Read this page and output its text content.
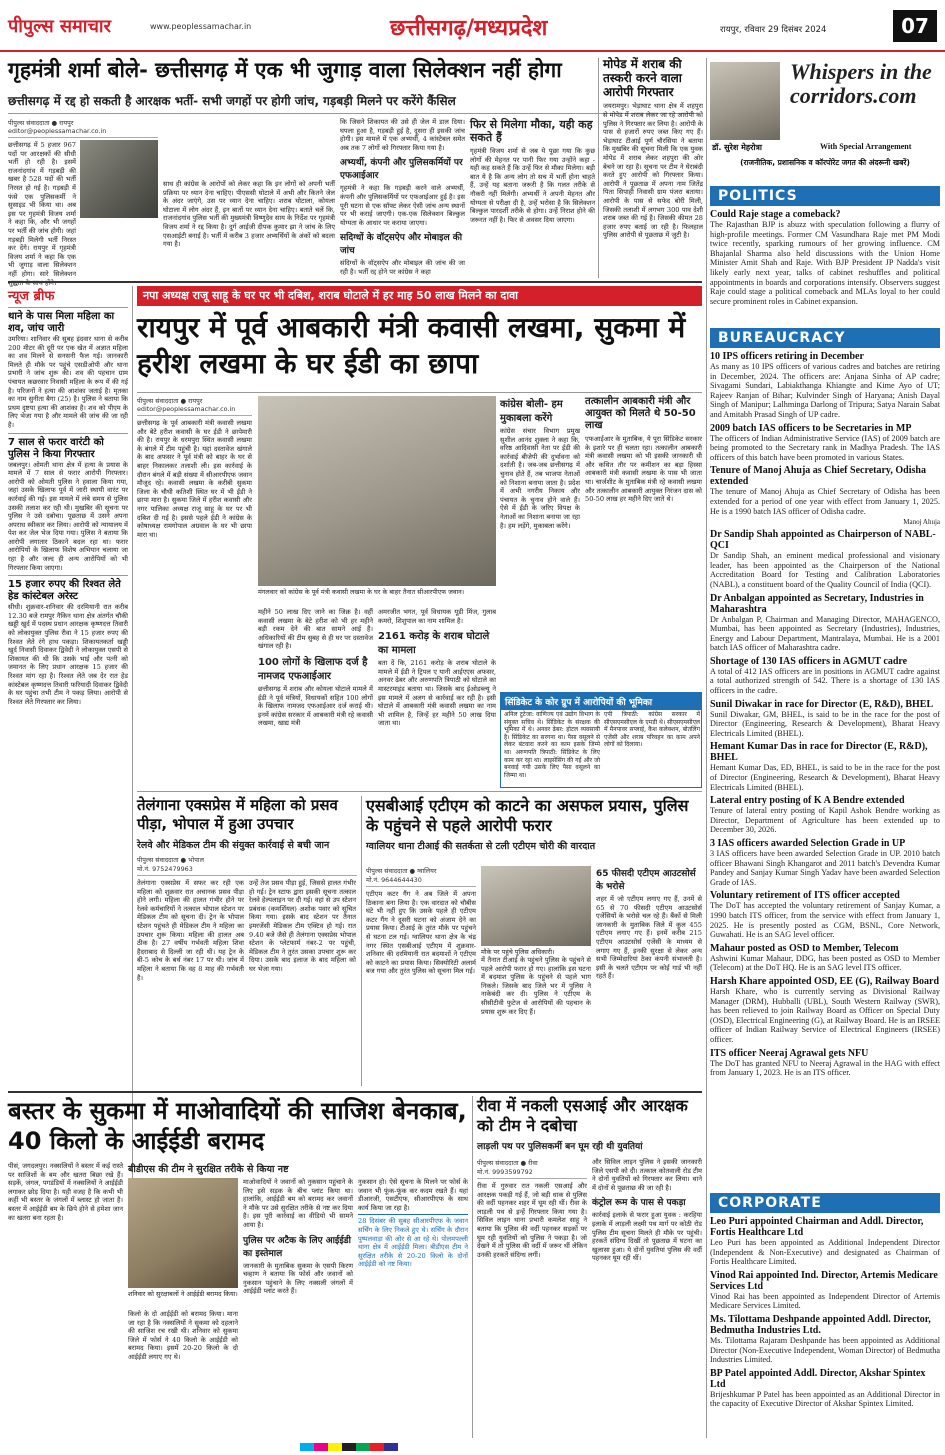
पीपुल्स समाचार	www.peoplessamachar.in	छत्तीसगढ़/मध्यप्रदेश	रायपुर, रविवार 29 दिसंबर 2024	07
गृहमंत्री शर्मा बोले- छत्तीसगढ़ में एक भी जुगाड़ वाला सिलेक्शन नहीं होगा
छत्तीसगढ़ में रद्द हो सकती है आरक्षक भर्ती- सभी जगहों पर होगी जांच, गड़बड़ी मिलने पर करेंगे कैंसिल
पीपुल्स संवाददाता ● रायपुर
editor@peoplessamachar.co.in
छत्तीसगढ़ में 5 हजार 967 पदों पर आरक्षकों की सीधी भर्ती हो रही है। इसमें राजनांदगांव में गड़बड़ी की खबर है 528 पदों की भर्ती निरस्त हो गई है। गड़बड़ी में फंसे एक पुलिसकर्मी ने सुसाइड भी किया था। अब इस पर गृहमंत्री विजय शर्मा ने कहा कि, और भी जगहों पर भर्ती की जांच होगी। जहां गड़बड़ी मिलेगी भर्ती निरस्त कर देंगे। रायपुर में गृहमंत्री विजय शर्मा ने कहा कि एक भी जुगाड़ वाला सिलेक्शन नहीं होगा। सारे सिलेक्शन
साथ ही कांग्रेस के आरोपों को लेकर कहा कि इन लोगों को अपनी भर्ती प्रक्रिया पर ध्यान देना चाहिए। पीएससी घोटाले में अभी और कितने जेल के अंदर जाएंगे, उस पर ध्यान देना चाहिए। शराब घोटाला, कोयला घोटाला में लोग अंदर हैं, इन बातों पर ध्यान देना चाहिए। बताते चलें कि, राजनांदगांव पुलिस भर्ती की मुख्यमंत्री विष्णुदेव साय के निर्देश पर गृहमंत्री विजय शर्मा ने रद्द किया है। दुर्ग आईजी दीपक कुमार झा ने जांच के लिए एसआईटी बनाई है। भर्ती में करीब 3 हजार अभ्यर्थियों के अंकों को बदला गया है।
कि जिसने शिकायत की उसे ही जेल में डाल दिया। घपला हुआ है, गड़बड़ी हुई है, दूसरा ही इसकी जांच होगी। इस मामले में एक अभ्यर्थी, 4 कांस्टेबल समेत अब तक 7 लोगों को गिरफ्तार किया गया है।
अभ्यर्थी, कंपनी और पुलिसकर्मियों पर एफआईआर
गृहमंत्री ने कहा कि गड़बड़ी करने वाले अभ्यर्थी, कंपनी और पुलिसकर्मियों पर एफआईआर हुई है। इस पूरी घटना से एक सॉफ्ट लेकर ऐसी जांच अन्य स्थानों पर भी कराई जाएगी। एक-एक सिलेक्शन बिल्कुल योग्यता के आधार पर कराया जाएगा।
सदिग्धों के वॉट्सऐप और मोबाइल की जांच
संदिग्धों के वॉट्सऐप और मोबाइल की जांच की जा रही है। भर्ती रद्द होने पर कांग्रेस ने कहा
फिर से मिलेगा मौका, यही कह सकते हैं
गृहमंत्री विजय शर्मा से जब ये पूछा गया कि कुछ लोगों की मेहनत पर पानी फिर गया उन्होंने कहा - यही कह सकते हैं कि उन्हें फिर से मौका मिलेगा। बड़ी बात ये है कि अन्य लोग तो सच में भर्ती होना चाहते हैं, उन्हें यह बताना जरूरी है कि गलत तरीके से नौकरी नहीं मिलेगी। अभ्यर्थी ने अपनी मेहनत और योग्यता से परीक्षा दी है, उन्हें भरोसा है कि सिलेक्शन बिल्कुल पारदर्शी तरीके से होगा। उन्हें निराश होने की जरूरत नहीं है। फिर से अवसर दिया जाएगा।
मोपेड में शराब की तस्करी करने वाला आरोपी गिरफ्तार
जयरामपुर। भेड़ाघाट थाना क्षेत्र में शहपुरा से मोपेड में शराब लेकर जा रहे आरोपी को पुलिस ने गिरफ्तार कर लिया है। आरोपी के पास से हजारों रुपए जब्त किए गए हैं। भेड़ाघाट टीआई पूर्ण चौरसिया ने बताया कि मुखबिर की सूचना मिली कि एक युवक मोपेड में शराब लेकर शहपुरा की ओर बेचने जा रहा है। सूचना पर टीम ने घेराबंदी करते हुए आरोपी को गिरफ्तार किया। आरोपी ने पूछताछ में अपना नाम जितेंद्र पिता सिपाही निवासी ग्राम पंजरा बताया। आरोपी के पास से सफेद बोरी मिली, जिसकी तलाशी में लगभग 300 पाव देशी शराब जब्त की गई है। जिसकी कीमत 28 हजार रुपए बताई जा रही है। फिलहाल पुलिस आरोपी से पूछताछ में जुटी है।
Whispers in the corridors.com
डॉ. सुरेश मेहरोत्रा	With Special Arrangement
(राजनीतिक, प्रशासनिक व कॉरपोरेट जगत की अंदरूनी खबरें)
POLITICS
Could Raje stage a comeback?
The Rajasthan BJP is abuzz with speculation following a flurry of high-profile meetings. Former CM Vasundhara Raje met PM Modi twice recently, sparking rumours of her growing influence. CM Bhajanlal Sharma also held discussions with the Union Home Minister Amit Shah and Raje. With BJP President JP Nadda's visit likely early next year, talks of cabinet reshuffles and political appointments in boards and corporations intensify. Observers suggest Raje could stage a political comeback and MLAs loyal to her could secure prominent roles in Cabinet expansion.
BUREAUCRACY
10 IPS officers retiring in December
As many as 10 IPS officers of various cadres and batches are retiring in December, 2024. The officers are: Anjana Sinha of AP cadre; Sivagami Sundari, Labiakthanga Khiangte and Kime Ayo of UT; Rajeev Ranjan of Bihar; Kulvinder Singh of Haryana; Anish Dayal Singh of Manipur; Lalhminga Darlong of Tripura; Satya Narain Sabat and Amitabh Prasad Singh of UP cadre.
2009 batch IAS officers to be Secretaries in MP
The officers of Indian Administrative Service (IAS) of 2009 batch are being promoted to the Secretary rank in Madhya Pradesh. The IAS officers of this batch have been promoted in various States.
Tenure of Manoj Ahuja as Chief Secretary, Odisha extended
The tenure of Manoj Ahuja as Chief Secretary of Odisha has been extended for a period of one year with effect from January 1, 2025. He is a 1990 batch IAS officer of Odisha cadre.
Manoj Ahuja
Dr Sandip Shah appointed as Chairperson of NABL-QCI
Dr Sandip Shah, an eminent medical professional and visionary leader, has been appointed as the Chairperson of the National Accreditation Board for Testing and Calibration Laboratories (NABL), a constituent board of the Quality Council of India (QCI).
Dr Anbalgan appointed as Secretary, Industries in Maharashtra
Dr Anbalgan P, Chairman and Managing Director, MAHAGENCO, Mumbai, has been appointed as Secretary (Industries), Industries, Energy and Labour Department, Mantralaya, Mumbai. He is a 2001 batch IAS officer of Maharashtra cadre.
Shortage of 130 IAS officers in AGMUT cadre
A total of 412 IAS officers are in positions in AGMUT cadre against a total authorized strength of 542. There is a shortage of 130 IAS officers in the cadre.
Sunil Diwakar in race for Director (E, R&D), BHEL
Sunil Diwakar, GM, BHEL, is said to be in the race for the post of Director (Engineering, Research & Development), Bharat Heavy Electricals Limited (BHEL).
Hemant Kumar Das in race for Director (E, R&D), BHEL
Hemant Kumar Das, ED, BHEL, is said to be in the race for the post of Director (Engineering, Research & Development), Bharat Heavy Electricals Limited (BHEL).
Lateral entry posting of K A Bendre extended
Tenure of lateral entry posting of Kapil Ashok Bendre working as Director, Department of Agriculture has been extended up to December 30, 2026.
3 IAS officers awarded Selection Grade in UP
3 IAS officers have been awarded Selection Grade in UP. 2010 batch officer Bhawani Singh Khangarot and 2011 batch's Devendra Kumar Pandey and Sanjay Kumar Singh Yadav have been awarded Selection Grade of IAS.
Voluntary retirement of ITS officer accepted
The DoT has accepted the voluntary retirement of Sanjay Kumar, a 1990 batch ITS officer, from the service with effect from January 1, 2025. He is presently posted as CGM, BSNL, Core Network, Guwahati. He is an SAG level officer.
Mahaur posted as OSD to Member, Telecom
Ashwini Kumar Mahaur, DDG, has been posted as OSD to Member (Telecom) at the DoT HQ. He is an SAG level ITS officer.
Harsh Khare appointed OSD, EE (G), Railway Board
Harsh Khare, who is currently serving as Divisional Railway Manager (DRM), Hubballi (UBL), South Western Railway (SWR), has been relieved to join Railway Board as Officer on Special Duty (OSD), Electrical Engineering (G), at Railway Board. He is an IRSEE officer of Indian Railway Service of Electrical Engineers (IRSEE) officer.
ITS officer Neeraj Agrawal gets NFU
The DoT has granted NFU to Neeraj Agrawal in the HAG with effect from January 1, 2023. He is an ITS officer.
CORPORATE
Leo Puri appointed Chairman and Addl. Director, Fortis Healthcare Ltd
Leo Puri has been appointed as Additional Independent Director (Independent & Non-Executive) and designated as Chairman of Fortis Healthcare Limited.
Vinod Rai appointed Ind. Director, Artemis Medicare Services Ltd
Vinod Rai has been appointed as Independent Director of Artemis Medicare Services Limited.
Ms. Tilottama Deshpande appointed Addl. Director, Bedmutha Industries Ltd.
Ms. Tilottama Rajaram Deshpande has been appointed as Additional Director (Non-Executive Independent, Woman Director) of Bedmutha Industries Limited.
BP Patel appointed Addl. Director, Akshar Spintex Ltd
Brijeshkumar P Patel has been appointed as an Additional Director in the capacity of Executive Director of Akshar Spintex Limited.
न्यूज ब्रीफ
थाने के पास मिला महिला का शव, जांच जारी
उमरिया। शानिवार की सुबह इंदवार थाना से करीब 200 मीटर की दूरी पर एक खेत में अज्ञात महिला का शव मिलने से सनसनी फैल गई। जानकारी मिलते ही मौके पर पहुंचे एसडीओपी और थाना प्रभारी ने जांच शुरू की। शव की पहचान ग्राम पंचायत कछरवार निवासी महिला के रूप में की गई है। परिजनों ने हत्या की आशंका जताई है। मृतका का नाम सुनीता बैगा (25) है। पुलिस ने बताया कि प्रथम दृष्टया हत्या की आशंका है। शव को पीएम के लिए भेजा गया है और मामले की जांच की जा रही है।
7 साल से फरार वारंटी को पुलिस ने किया गिरफ्तार
जबलपुर। ओमती थाना क्षेत्र में हत्या के प्रयास के मामले में 7 साल से फरार आरोपी गिरफ्तार। आरोपी को ओमती पुलिस ने हवाला किया गया, जहां उसके खिलाफ पूर्व में जारी स्थायी वारंट पर कार्रवाई की गई। इस मामले में लंबे समय से पुलिस उसकी तलाश कर रही थी। मुखबिर की सूचना पर पुलिस ने उसे दबोचा। पूछताछ में उसने अपना अपराध स्वीकार कर लिया। आरोपी को न्यायालय में पेश कर जेल भेज दिया गया। पुलिस ने बताया कि आरोपी लगातार ठिकाने बदल रहा था। फरार आरोपियों के खिलाफ विशेष अभियान चलाया जा रहा है और जल्द ही अन्य आरोपियों को भी गिरफ्तार किया जाएगा।
15 हजार रुपए की रिश्वत लेते हेड कांस्टेबल अरेस्ट
सीधी। शुक्रवार-शनिवार की दरमियानी रात करीब 12.30 बजे रामपुर नैकिन थाना क्षेत्र अंतर्गत चौकी खड्डी खुर्द में पदस्थ प्रधान आरक्षक कृष्णदत्त तिवारी को लोकायुक्त पुलिस रीवा ने 15 हजार रुपए की रिश्वत लेते रंगे हाथ पकड़ा। शिकायतकर्ता खड्डी खुर्द निवासी दिवाकर द्विवेदी ने लोकायुक्त एसपी से शिकायत की थी कि उसके भाई और पत्नी को जमानत के लिए प्रधान आरक्षक 15 हजार की रिश्वत मांग रहा है। रिश्वत लेते जब देर रात हेड कांस्टेबल कृष्णदत्त तिवारी फरियादी दिवाकर द्विवेदी के घर पहुंचा तभी टीम ने पकड़ लिया। आरोपी से रिश्वत लेते गिरफ्तार कर लिया।
नपा अध्यक्ष राजू साहू के घर पर भी दबिश, शराब घोटाले में हर माह 50 लाख मिलने का दावा
रायपुर में पूर्व आबकारी मंत्री कवासी लखमा, सुकमा में हरीश लखमा के घर ईडी का छापा
पीपुल्स संवाददाता ● रायपुर
editor@peoplessamachar.co.in
छत्तीसगढ़ के पूर्व आबकारी मंत्री कवासी लखमा और बेटे हरीश कवासी के घर ईडी ने छापेमारी की है। रायपुर के धरमपुरा स्थित कवासी लखमा के बंगले में टीम पहुंची है। यहां दस्तावेज खंगाले के बाद अफसर ने पूर्व मंत्री को बाहर के घर से बाहर निकालकर तलाशी ली। इस कार्रवाई के दौरान बंगले में बड़ी संख्या में सीआरपीएफ जवान मौजूद रहे। कवासी लखमा के करीबी सुकमा जिला के चौथी कतिशी स्थित घर में भी ईडी ने छापा मारा है। सुकमा जिले में हरीश कवासी और नगर पालिका अध्यक्ष राजू साहू के घर पर भी दबिश दी गई है। इससे पहले ईडी ने कांग्रेस के कोषाध्यक्ष रामगोपाल अग्रवाल के घर भी छापा मारा था।
मंगलवार को कांग्रेस के पूर्व मंत्री कवासी लखमा के घर के बाहर तैनात सीआरपीएफ जवान।
महीने 50 लाख दिए जाने का जिक्र है। वहीं कवासी लखमा के बेटे हरीश को भी हर महीने बड़ी रकम देने की बात सामने आई है। अधिकारियों की टीम सुबह से ही घर पर दस्तावेज खंगाल रही है।
100 लोगों के खिलाफ दर्ज है नामजद एफआईआर
छत्तीसगढ़ में शराब और कोयला घोटाले मामले में ईडी ने पूर्व मंत्रियों, विधायकों सहित 100 लोगों के खिलाफ नामजद एफआईआर दर्ज कराई थी। इनमें कांग्रेस सरकार में आबकारी मंत्री रहे कवासी लखमा, खाद्य मंत्री
अमरजीत भगत, पूर्व विधायक यूडी मिंज, गुलाब कमरो, शिशुपाल का नाम शामिल है।
2161 करोड़ के शराब घोटाले का मामला
बता दें कि, 2161 करोड़ के शराब घोटाले के मामले में ईडी ने ट्रिपल ए यानी आईएएस अफसर, अनवर ढेबर और अरुणपति त्रिपाठी को घोटाले का मास्टरमाइंड बताया था। जिसके बाद ईओडब्ल्यू ने इस मामले में अलग से कार्रवाई कर रही है। इसी घोटाले में आबकारी मंत्री कवासी लखमा का नाम भी शामिल है, जिन्हें हर महीने 50 लाख दिया जाता था।
कांग्रेस बोली- हम मुकाबला करेंगे
कांग्रेस संचार विभाग प्रमुख सुशील आनंद शुक्ला ने कहा कि, वरिष्ठ आदिवासी नेता पर ईडी की कार्रवाई बीजेपी की दुर्भावना को दर्शाती है। जब-जब छत्तीसगढ़ में चुनाव होते हैं, तब भाजपा नेताओं को निशाना बनाया जाता है। प्रदेश में अभी नगरीय निकाय और पंचायत के चुनाव होने वाले हैं। ऐसे में ईडी के जरिए विपक्ष के नेताओं का निशाना बनाया जा रहा है। हम लड़ेंगे, मुकाबला करेंगे।
तत्कालीन आबकारी मंत्री और आयुक्त को मिलते थे 50-50 लाख
एफआईआर के मुताबिक, ये पूरा सिंडिकेट सरकार के इशारे पर ही चलता रहा। तत्कालीन आबकारी मंत्री कवासी लखमा को भी इसकी जानकारी थी और कथित तौर पर कमीशन का बड़ा हिस्सा आबकारी मंत्री कवासी लखमा के पास भी जाता था। चार्जशीट के मुताबिक मंत्री रहे कवासी लखमा और तत्कालीन आबकारी आयुक्त निरंजन दास को 50-50 लाख हर महीने दिए जाते थे।
सिंडिकेट के कोर ग्रुप में आरोपियों की भूमिका
अनिल टुटेजा: वाणिज्य एवं उद्योग विभाग के संयुक्त सचिव थे। सिंडिकेट के संरक्षक की भूमिका में थे। अनवर ढेबर: होटल व्यवसायी है। सिंडिकेट का सरगना था। पैसा वसूलने से लेकर बंटवारा करने का काम इसके जिम्मे था। अरुणपति त्रिपाठी: सिंडिकेट के लिए काम कर रहा था। लाइसेंसिंग की गई और जो बनवाई गयी उसके लिए पैसा वसूलने का जिम्मा था।
एपी त्रिपाठी: कांग्रेस सरकार में सीएसएमसीएल के एमडी थे। सीएसएमसीएल में मैनपावर सप्लाई, कैश कलेक्शन, बोतलिंग एजेंसी और शराब परिवहन का काम अपने लोगों को दिलाया।
तेलंगाना एक्सप्रेस में महिला को प्रसव पीड़ा, भोपाल में हुआ उपचार
रेलवे और मेडिकल टीम की संयुक्त कार्रवाई से बची जान
पीपुल्स संवाददाता ● भोपाल
मो.नं. 9752479963
तेलंगाना एक्सप्रेस में सफर कर रही एक महिला को शुक्रवार रात अचानक प्रसव पीड़ा होने लगी। महिला की हालत गंभीर होने पर रेलवे कर्मचारियों ने तत्काल भोपाल स्टेशन पर मेडिकल टीम को सूचना दी। ट्रेन के भोपाल स्टेशन पहुंचते ही मेडिकल टीम ने महिला का उपचार शुरू किया। महिला की हालत अब ठीक है। 27 वर्षीय गर्भवती महिला शिवा हैदराबाद से दिल्ली जा रही थी। यह ट्रेन के बी-5 कोच के बर्थ नंबर 17 पर थी। जांच में महिला ने बताया कि वह 8 माह की गर्भवती है।
उन्हें तेज प्रसव पीड़ा हुई, जिससे हालत गंभीर हो गई। ट्रेन स्टाफ द्वारा इसकी सूचना तत्काल रेलवे हेल्पलाइन पर दी गई। वहां से उप स्टेशन प्रबंधक (कमर्शियल) अशोक पवार को सूचित किया गया। इसके बाद स्टेशन पर तैनात इमरजेंसी मेडिकल टीम एक्टिव हो गई। रात 9.40 बजे जैसे ही तेलंगाना एक्सप्रेस भोपाल स्टेशन के प्लेटफार्म नंबर-2 पर पहुंची, मेडिकल टीम ने तुरंत उसका उपचार शुरू कर दिया। उसके बाद इलाज के बाद महिला को घर भेजा गया।
एसबीआई एटीएम को काटने का असफल प्रयास, पुलिस के पहुंचने से पहले आरोपी फरार
ग्वालियर थाना टीआई की सतर्कता से टली एटीएम चोरी की वारदात
पीपुल्स संवाददाता ● ग्वालियर
मो.नं. 9644644430
एटीएम कटर गैंग ने अब जिले में अपना ठिकाना बना लिया है। एक वारदात को चौबीस घंटे भी नहीं हुए कि उसके पहले ही एटीएम कटर गैंग ने दूसरी घटना को अंजाम देने का प्रयास किया। टीआई के तुरंत मौके पर पहुंचने से घटना टल गई। ग्वालियर थाना क्षेत्र के चंद्र नगर स्थित एसबीआई एटीएम में शुक्रवार-शनिवार की दरमियानी रात बदमाशों ने एटीएम को काटने का प्रयास किया। सिक्योरिटी अलार्म बज गया और तुरंत पुलिस को सूचना मिल गई।
मौके पर पहुंचे पुलिस अधिकारी।
में तैनात टीआई के पहुंचने पुलिस के पहुंचने से पहले आरोपी फरार हो गए। हालांकि इस घटना में बदमाश पुलिस के पहुंचने से पहले भाग निकले। जिसके बाद जिले भर में पुलिस ने नाकेबंदी कर दी। पुलिस ने एटीएम के सीसीटीवी फुटेज से आरोपियों की पहचान के प्रयास शुरू कर दिए हैं।
65 फीसदी एटीएम आउटसोर्स के भरोसे
शहर में जो एटीएम लगाए गए हैं, उनमें से 65 से 70 फीसदी एटीएम आउटसोर्स एजेंसियों के भरोसे चल रहे हैं। बैंकों से मिली जानकारी के मुताबिक जिले में कुल 455 एटीएम लगाए गए हैं। इनमें करीब 215 एटीएम आउटसोर्स एजेंसी के माध्यम से लगाए गए हैं, इनकी सुरक्षा से लेकर अन्य सभी जिम्मेदारियां ठेका कंपनी संभालती है। इसी के चलते एटीएम पर कोई गार्ड भी नहीं रहते हैं।
बस्तर के सुकमा में माओवादियों की साजिश बेनकाब, 40 किलो के आईईडी बरामद
बीडीएस की टीम ने सुरक्षित तरीके से किया नष्ट
पीसं, जगदलपुर। नक्सलियों ने बस्तर में कई रास्ते पर साजिशों के बम और खतरा बिछा रखे हैं। सड़कें, जंगल, पगडंडियों में नक्सलियों ने आईईडी लगाकर छोड़ दिया है। यही वजह है कि कभी भी कहीं भी बस्तर के जंगलों में ब्लास्ट हो जाता है। बस्तर में आईईडी बम के छिपे होने से हमेशा जान का खतरा बना रहता है।
शनिवार को सुरक्षाबलों ने आईईडी बरामद किया।
किलो के दो आईईडी को बरामद किया। माना जा रहा है कि नक्सलियों ने सुकमा को दहलाने की साजिश रच रखी थी। शनिवार को सुकमा जिले में फोर्स ने 40 किलो के आईईडी को बरामद किया। इसमें 20-20 किलो के दो आईईडी लगाए गए थे।
माओवादियों ने जवानों को नुकसान पहुंचाने के लिए इसे सड़क के बीच प्लांट किया था। हालांकि, आईईडी बम को बरामद कर जवानों ने मौके पर उसे सुरक्षित तरीके से नष्ट कर दिया है। इस पूरी कार्रवाई का वीडियो भी सामने आया है।
पुलिस पर अटैक के लिए आईईडी का इस्तेमाल
जानकारी के मुताबिक सुकमा के एसपी किरण चव्हाण ने बताया कि फोर्स और जवानों को नुकसान पहुंचाने के लिए नक्सली जंगलों में आईईडी प्लांट करते हैं।
नुकसान हो। ऐसे सूचना के मिलने पर फोर्स के जवान भी फूंक-फूंक कर कदम रखते हैं। यहां डीआरजी, एसटीएफ, सीआरपीएफ के साथ कार्य किया जा रहा है।
28 दिसंबर की सुबह सीआरपीएफ के जवान सर्चिंग के लिए निकले हुए थे। सर्चिंग के दौरान पुष्पलवाड़ा की ओर से आ रहे थे। पोलमपल्ली थाना क्षेत्र में आईईडी मिला। बीडीएस टीम ने सुरक्षित तरीके से 20-20 किलो के दोनों आईईडी को नष्ट किया।
रीवा में नकली एसआई और आरक्षक को टीम ने दबोचा
लाड़ली पथ पर पुलिसकर्मी बन घूम रही थी युवतियां
पीपुल्स संवाददाता ● रीवा
मो.नं. 9993599792
रीवा में गुरुवार रात नकली एसआई और आरक्षक पकड़ी गई हैं, जो बड़ी धाक से पुलिस की वर्दी पहनकर शहर में घूम रही थीं। रीवा के लाड़ली पथ से इन्हें गिरफ्तार किया गया है। सिविल लाइन थाना प्रभारी कमलेश साहू ने बताया कि पुलिस की वर्दी पहनकर सड़कों पर घूम रही युवतियों को पुलिस ने पकड़ा है। जो देखने में तो पुलिस की वर्दी में जरूर थीं लेकिन उनकी हरकतें संदिग्ध लगीं।
और सिविल लाइन पुलिस ने इसकी जानकारी जिले एसपी को दी। तत्काल कोतवाली रोड टीम ने दोनों युवतियों को गिरफ्तार कर लिया। थाने में दोनों से पूछताछ की जा रही है।
कंट्रोल रूम के पास से पकड़ा
कार्रवाई इलाके से फरार हुआ युवक : करहिया इलाके में लाड़ली लक्ष्मी पथ मार्ग पर कोठी रोड पुलिस टीम सूचना मिलते ही मौके पर पहुंची। हरकतें संदिग्ध दिखीं तो पूछताछ में घटना का खुलासा हुआ। ये दोनों युवतियां पुलिस की वर्दी पहनकर घूम रही थीं।
